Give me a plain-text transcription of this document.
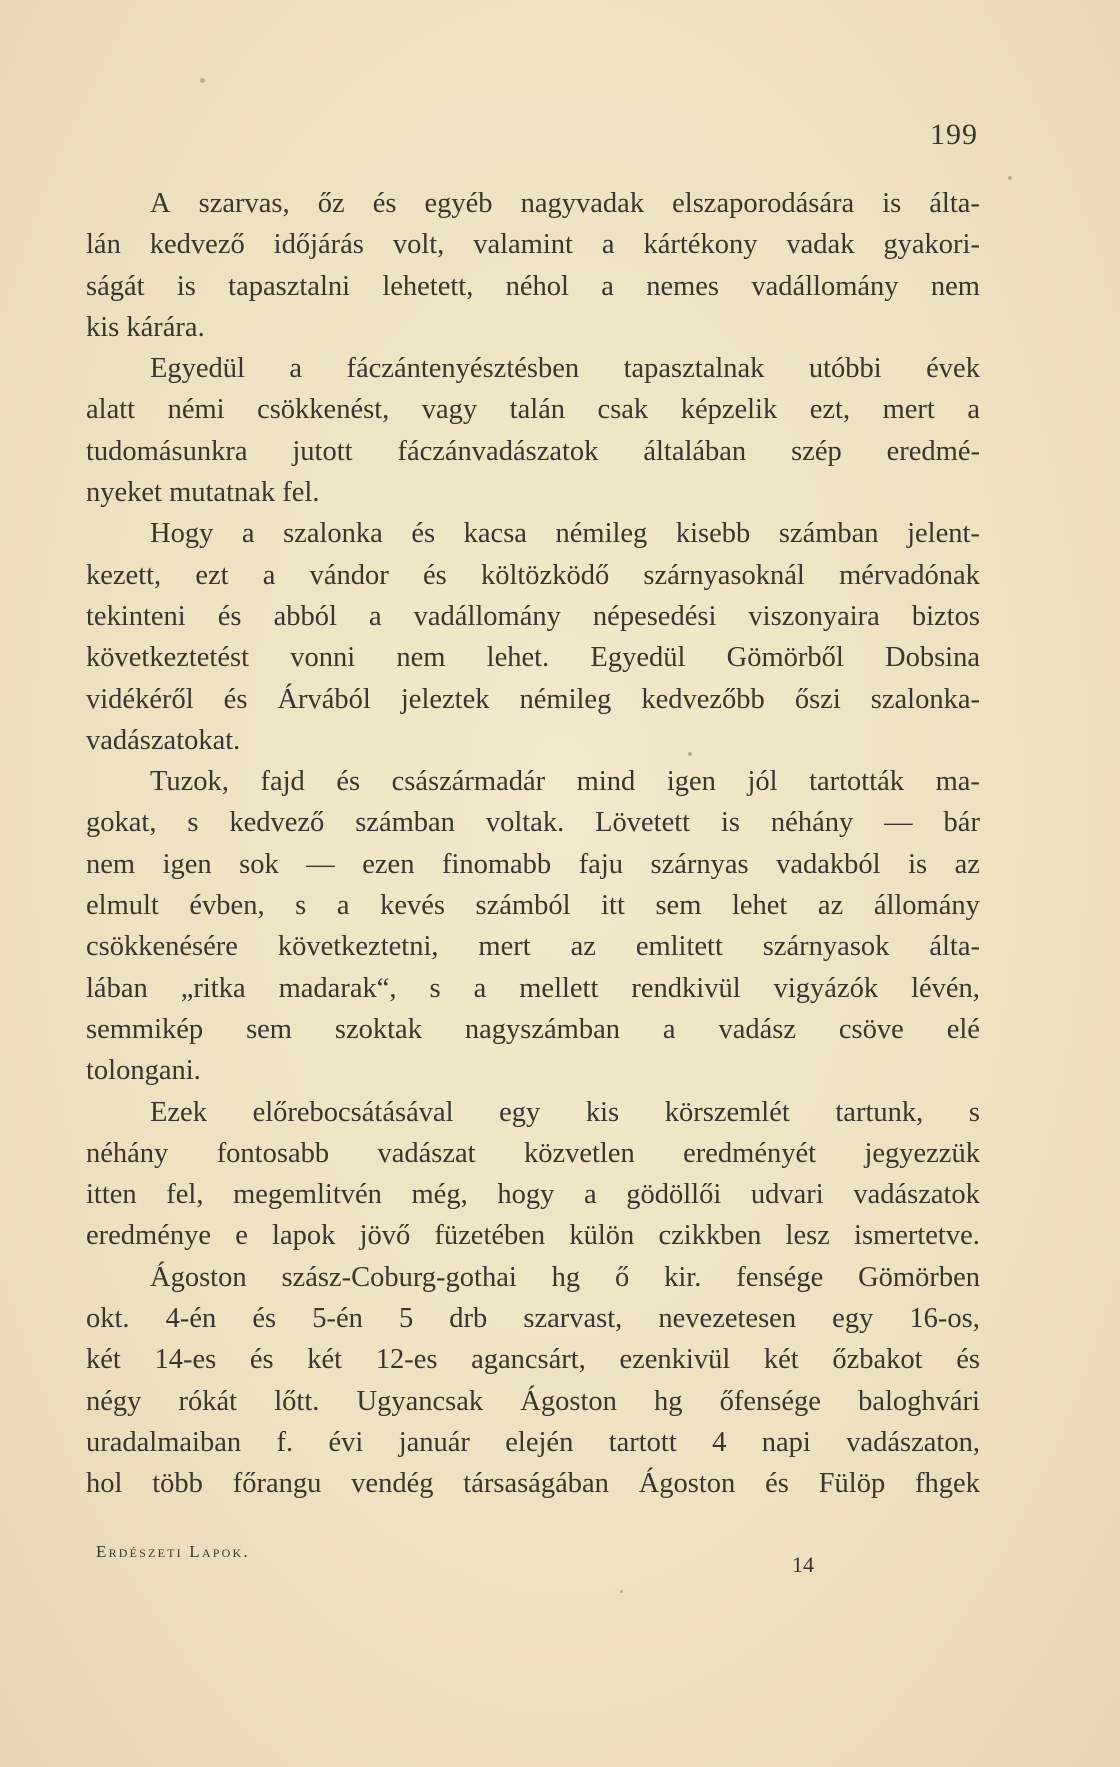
199
A szarvas, őz és egyéb nagyvadak elszaporodására is álta-
lán kedvező időjárás volt, valamint a kártékony vadak gyakori-
ságát is tapasztalni lehetett, néhol a nemes vadállomány nem
kis kárára.
Egyedül a fáczántenyésztésben tapasztalnak utóbbi évek
alatt némi csökkenést, vagy talán csak képzelik ezt, mert a
tudomásunkra jutott fáczánvadászatok általában szép eredmé-
nyeket mutatnak fel.
Hogy a szalonka és kacsa némileg kisebb számban jelent-
kezett, ezt a vándor és költözködő szárnyasoknál mérvadónak
tekinteni és abból a vadállomány népesedési viszonyaira biztos
következtetést vonni nem lehet. Egyedül Gömörből Dobsina
vidékéről és Árvából jeleztek némileg kedvezőbb őszi szalonka-
vadászatokat.
Tuzok, fajd és császármadár mind igen jól tartották ma-
gokat, s kedvező számban voltak. Lövetett is néhány — bár
nem igen sok — ezen finomabb faju szárnyas vadakból is az
elmult évben, s a kevés számból itt sem lehet az állomány
csökkenésére következtetni, mert az emlitett szárnyasok álta-
lában „ritka madarak“, s a mellett rendkivül vigyázók lévén,
semmikép sem szoktak nagyszámban a vadász csöve elé
tolongani.
Ezek előrebocsátásával egy kis körszemlét tartunk, s
néhány fontosabb vadászat közvetlen eredményét jegyezzük
itten fel, megemlitvén még, hogy a gödöllői udvari vadászatok
eredménye e lapok jövő füzetében külön czikkben lesz ismertetve.
Ágoston szász-Coburg-gothai hg ő kir. fensége Gömörben
okt. 4-én és 5-én 5 drb szarvast, nevezetesen egy 16-os,
két 14-es és két 12-es agancsárt, ezenkivül két őzbakot és
négy rókát lőtt. Ugyancsak Ágoston hg őfensége baloghvári
uradalmaiban f. évi január elején tartott 4 napi vadászaton,
hol több főrangu vendég társaságában Ágoston és Fülöp fhgek
Erdészeti Lapok.
14
